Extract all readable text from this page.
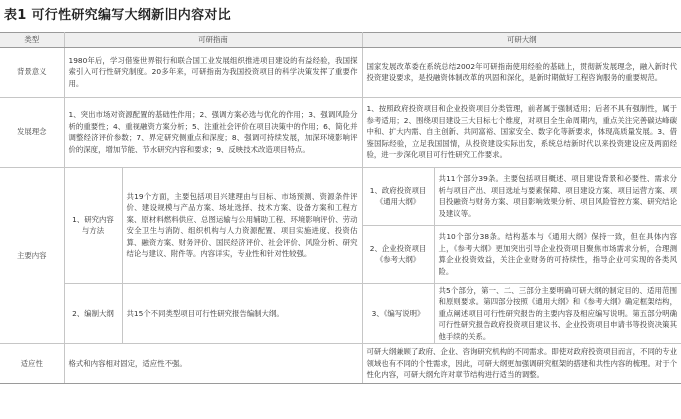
表1 可行性研究编写大纲新旧内容对比
类型	可研指南		可研大纲	
背景意义	1980年后，学习借鉴世界银行和联合国工业发展组织推进项目建设的有益经验，我国探索引入可行性研究制度。20多年来，可研指南为我国投资项目的科学决策发挥了重要作用。		国家发展改革委在系统总结2002年可研指南使用经验的基础上，贯彻新发展理念，融入新时代投资建设要求，是投融资体制改革的巩固和深化，是新时期做好工程咨询服务的重要规范。	
发展理念	1、突出市场对资源配置的基础性作用；2、强调方案必选与优化的作用；3、强调风险分析的重要性；4、重视融资方案分析；5、注重社会评价在项目决策中的作用；6、简化并调整经济评价参数；7、界定研究侧重点和深度；8、强调可持续发展，加深环境影响评价的深度，增加节能、节水研究内容和要求；9、反映技术改造项目特点。		1、按照政府投资项目和企业投资项目分类管理，前者属于强制适用；后者不具有强制性，属于参考适用；2、围绕项目建设三大目标七个维度，对项目全生命周期内，重点关注完善碳达峰碳中和、扩大内需、自主创新、共同富裕、国家安全、数字化等新要求，体现高质量发展。3、借鉴国际经验，立足我国国情，从投资建设实际出发，系统总结新时代以来投资建设应及两面经验，进一步深化项目可行性研究工作要求。	
主要内容	1、研究内容与方法	共19个方面，主要包括项目兴建理由与目标、市场预测、资源条件评价、建设规模与产品方案、场址选择、技术方案、设备方案和工程方案、原材料燃料供应、总图运输与公用辅助工程、环境影响评价、劳动安全卫生与消防、组织机构与人力资源配置、项目实施进度、投资估算、融资方案、财务评价、国民经济评价、社会评价、风险分析、研究结论与建议、附件等。内容详实，专业性和针对性较强。	1、政府投资项目《通用大纲》	共11个部分39条。主要包括项目概述、项目建设背景和必要性、需求分析与项目产出、项目选址与要素保障、项目建设方案、项目运营方案、项目投融资与财务方案、项目影响效果分析、项目风险管控方案、研究结论及建议等。
			2、企业投资项目《参考大纲》	共10个部分38条。结构基本与《通用大纲》保持一致，但在具体内容上，《参考大纲》更加突出引导企业投资项目聚焦市场需求分析，合理测算企业投资效益，关注企业财务的可持续性，指导企业可实现的各类风险。
	2、编制大纲	共15个不同类型项目可行性研究报告编制大纲。	3、《编写说明》	共5个部分，第一、二、三部分主要明确可研大纲的制定目的、适用范围和原则要求。第四部分按照《通用大纲》和《参考大纲》确定框架结构，重点阐述项目可行性研究报告的主要内容及相应编写说明。第五部分明确可行性研究报告政府投资项目建议书、企业投资项目申请书等投资决策其他手续的关系。
适应性	格式和内容相对固定，适应性不强。		可研大纲兼顾了政府、企业、咨询研究机构的不同需求。即使对政府投资项目而言，不同的专业领域也有不同的个性需求，因此，可研大纲更加强调研究框架的搭建和共性内容的梳理。对于个性化内容，可研大纲允许对章节结构进行适当的调整。	
